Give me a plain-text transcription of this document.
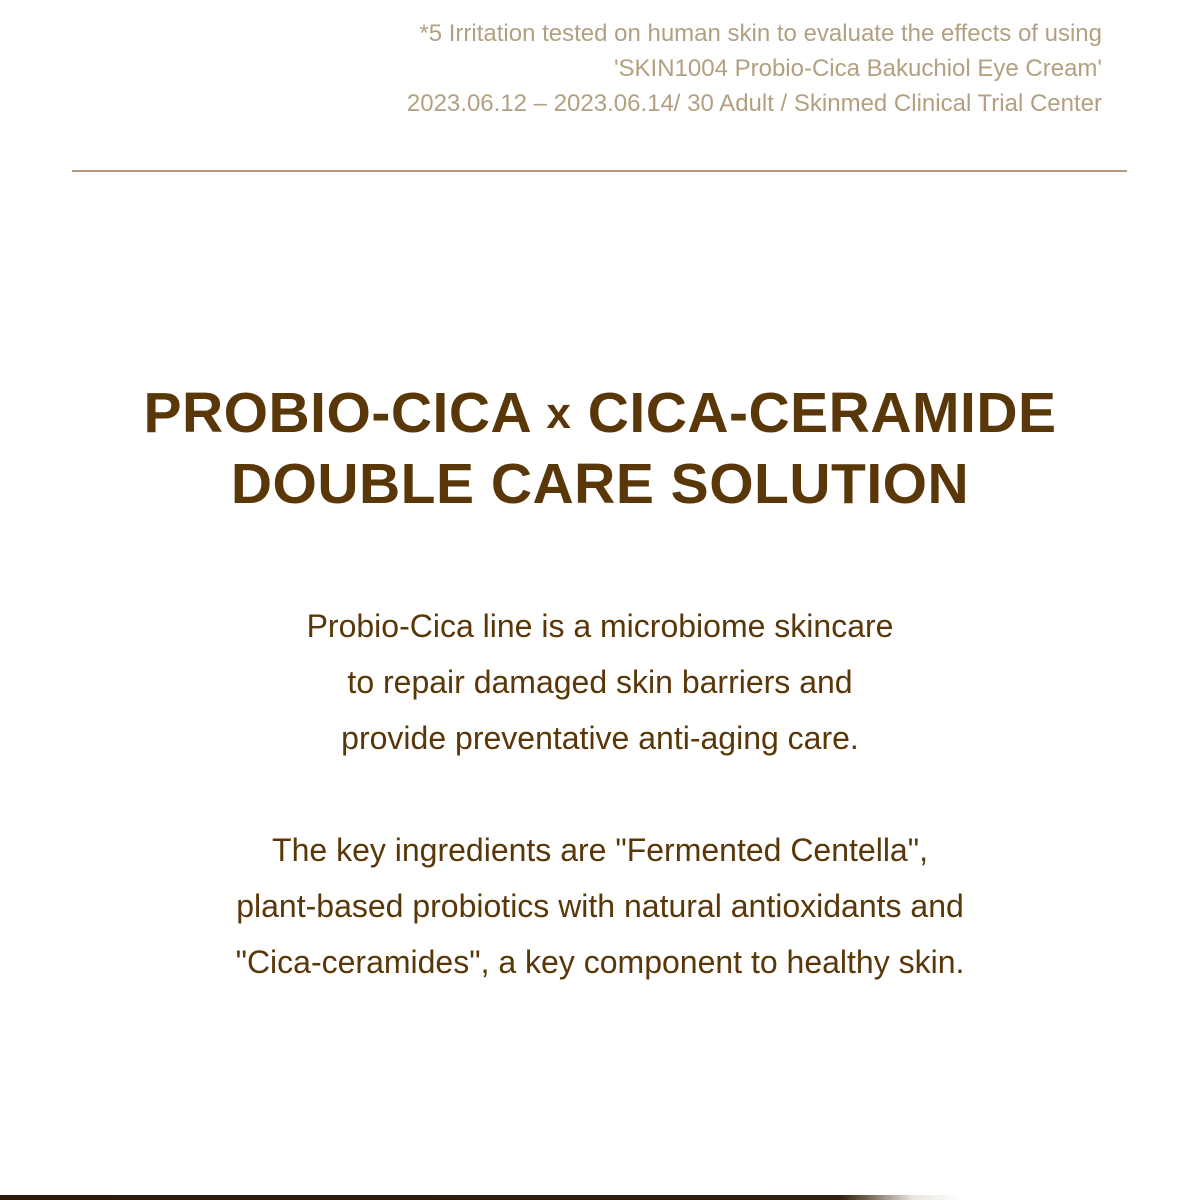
*5 Irritation tested on human skin to evaluate the effects of using
'SKIN1004 Probio-Cica Bakuchiol Eye Cream'
2023.06.12 – 2023.06.14/ 30 Adult / Skinmed Clinical Trial Center
PROBIO-CICA x CICA-CERAMIDE
DOUBLE CARE SOLUTION
Probio-Cica line is a microbiome skincare
to repair damaged skin barriers and
provide preventative anti-aging care.
The key ingredients are "Fermented Centella",
plant-based probiotics with natural antioxidants and
"Cica-ceramides", a key component to healthy skin.
